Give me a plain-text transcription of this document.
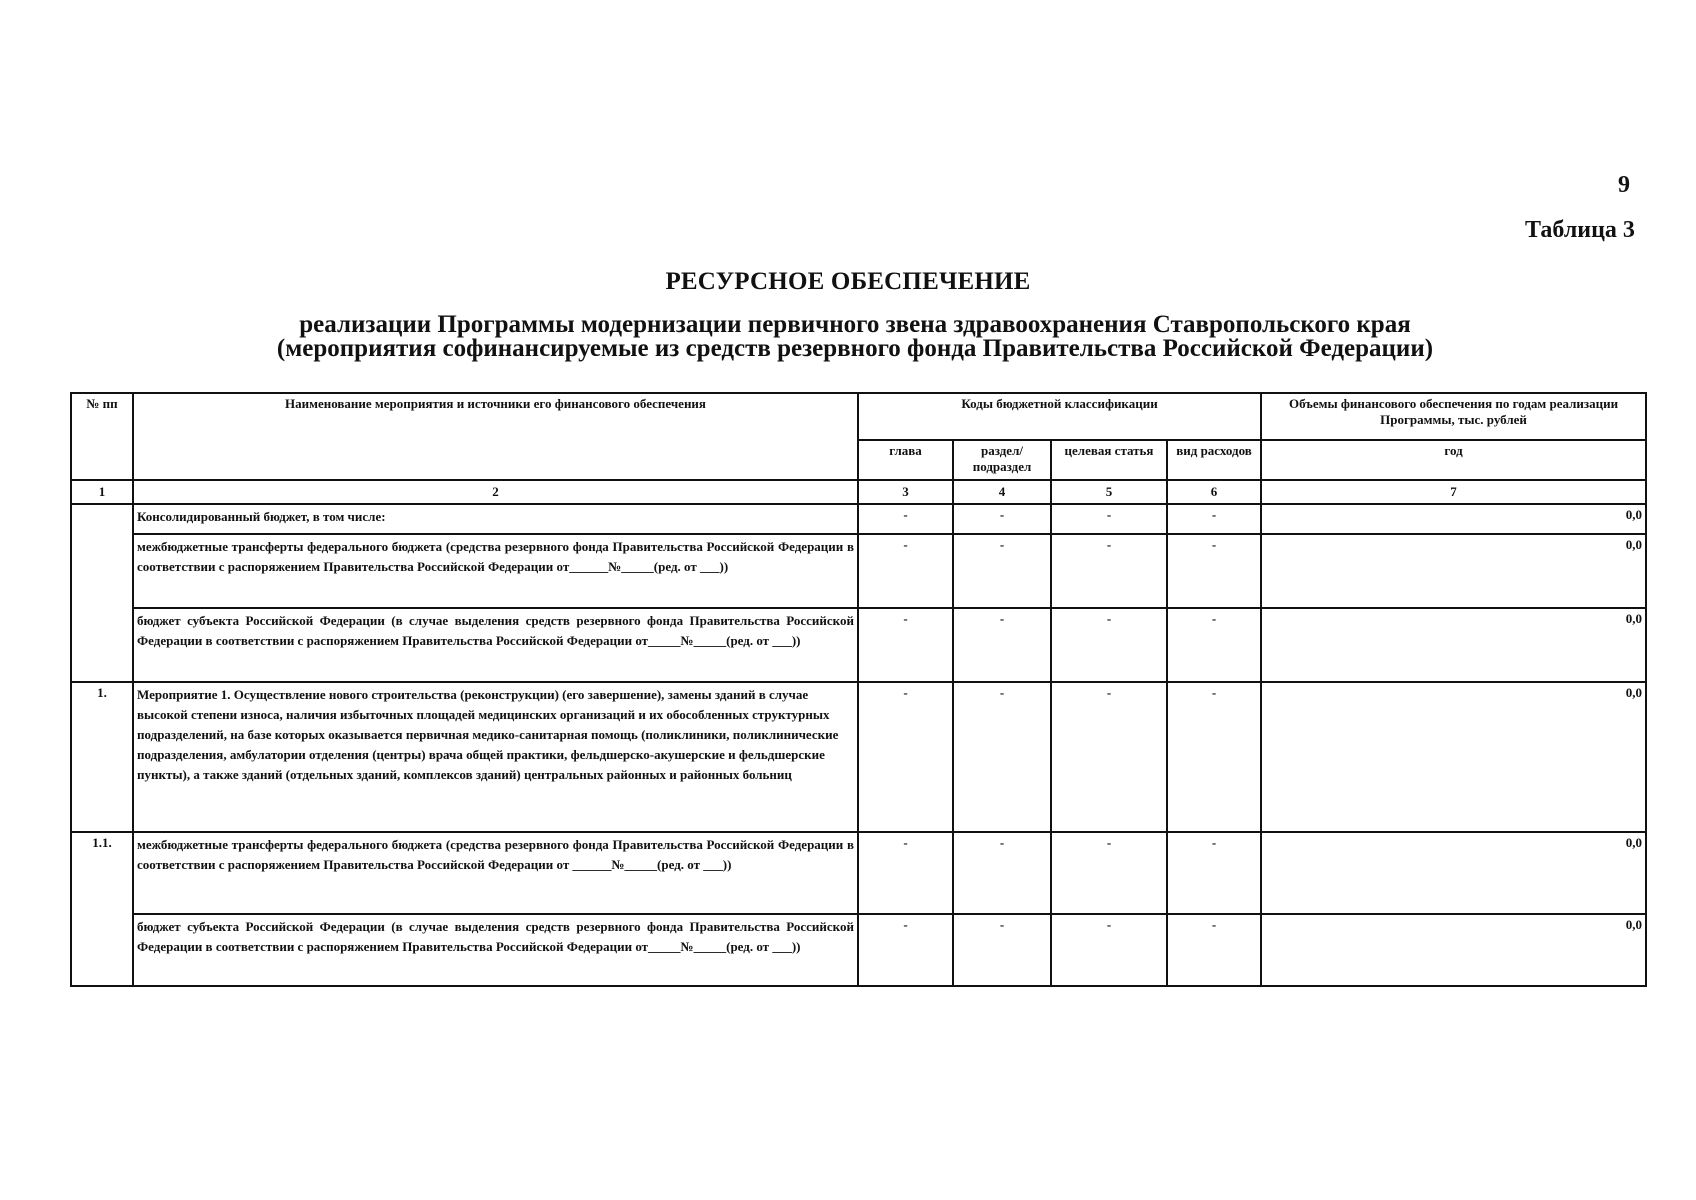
9
Таблица 3
РЕСУРСНОЕ ОБЕСПЕЧЕНИЕ
реализации Программы модернизации первичного звена здравоохранения Ставропольского края
(мероприятия софинансируемые из средств резервного фонда Правительства Российской Федерации)
№ пп	Наименование мероприятия и источники его финансового обеспечения	Коды бюджетной классификации				Объемы финансового обеспечения по годам реализации Программы, тыс. рублей
		глава	раздел/ подраздел	целевая статья	вид расходов	год
1	2	3	4	5	6	7
	Консолидированный бюджет, в том числе:	-	-	-	-	0,0
	межбюджетные трансферты федерального бюджета (средства резервного фонда Правительства Российской Федерации в соответствии с распоряжением Правительства Российской Федерации от______№_____(ред. от ___))	-	-	-	-	0,0
	бюджет субъекта Российской Федерации (в случае выделения средств резервного фонда Правительства Российской Федерации в соответствии с распоряжением Правительства Российской Федерации от_____№_____(ред. от ___))	-	-	-	-	0,0
1.	Мероприятие 1. Осуществление нового строительства (реконструкции) (его завершение), замены зданий в случае высокой степени износа, наличия избыточных площадей медицинских организаций и их обособленных структурных подразделений, на базе которых оказывается первичная медико-санитарная помощь (поликлиники, поликлинические подразделения, амбулатории отделения (центры) врача общей практики, фельдшерско-акушерские и фельдшерские пункты), а также зданий (отдельных зданий, комплексов зданий) центральных районных и районных больниц	-	-	-	-	0,0
1.1.	межбюджетные трансферты федерального бюджета (средства резервного фонда Правительства Российской Федерации в соответствии с распоряжением Правительства Российской Федерации от ______№_____(ред. от ___))	-	-	-	-	0,0
	бюджет субъекта Российской Федерации (в случае выделения средств резервного фонда Правительства Российской Федерации в соответствии с распоряжением Правительства Российской Федерации от_____№_____(ред. от ___))	-	-	-	-	0,0
